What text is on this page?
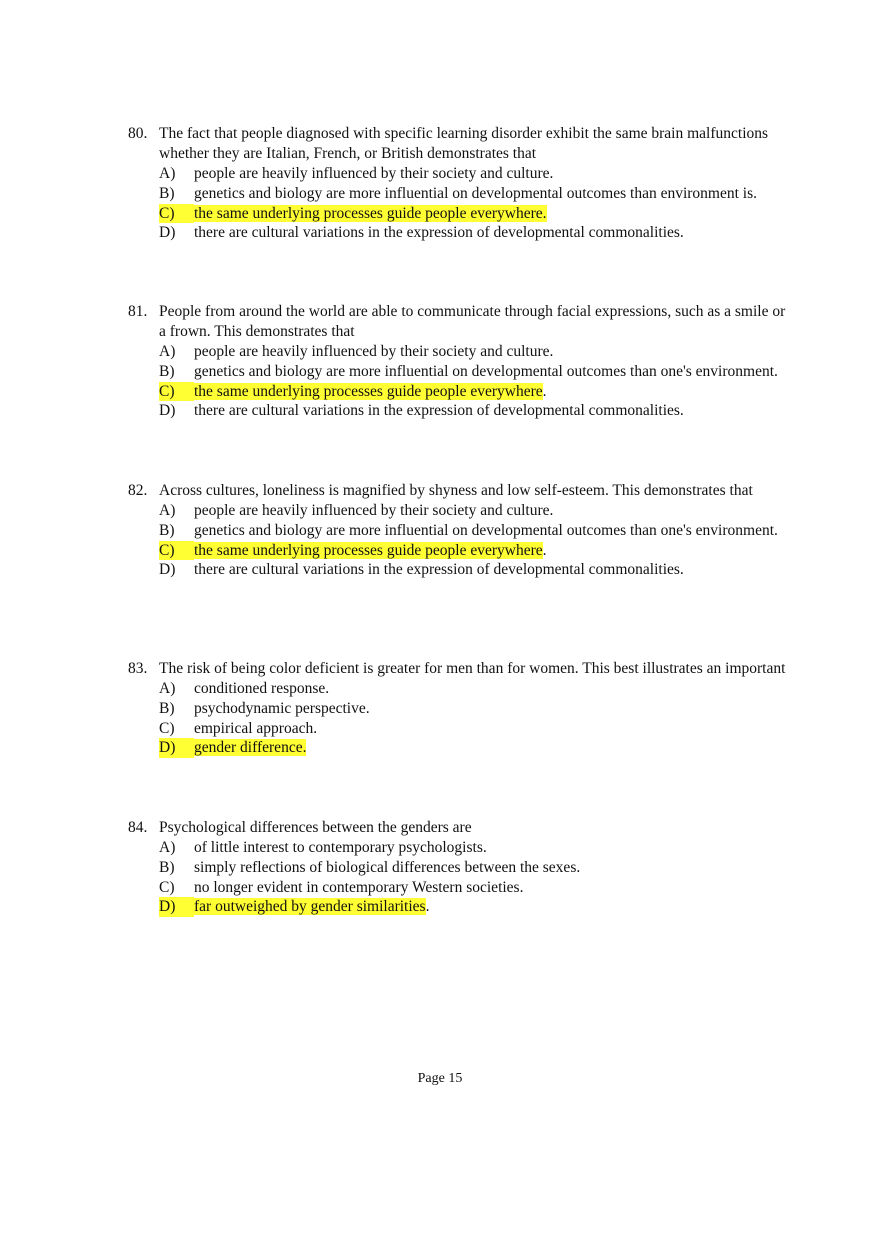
80. The fact that people diagnosed with specific learning disorder exhibit the same brain malfunctions whether they are Italian, French, or British demonstrates that
A)	people are heavily influenced by their society and culture.
B)	genetics and biology are more influential on developmental outcomes than environment is.
C)	the same underlying processes guide people everywhere.
D)	there are cultural variations in the expression of developmental commonalities.
81. People from around the world are able to communicate through facial expressions, such as a smile or a frown. This demonstrates that
A)	people are heavily influenced by their society and culture.
B)	genetics and biology are more influential on developmental outcomes than one's environment.
C)	the same underlying processes guide people everywhere.
D)	there are cultural variations in the expression of developmental commonalities.
82. Across cultures, loneliness is magnified by shyness and low self-esteem. This demonstrates that
A)	people are heavily influenced by their society and culture.
B)	genetics and biology are more influential on developmental outcomes than one's environment.
C)	the same underlying processes guide people everywhere.
D)	there are cultural variations in the expression of developmental commonalities.
83. The risk of being color deficient is greater for men than for women. This best illustrates an important
A)	conditioned response.
B)	psychodynamic perspective.
C)	empirical approach.
D)	gender difference.
84. Psychological differences between the genders are
A)	of little interest to contemporary psychologists.
B)	simply reflections of biological differences between the sexes.
C)	no longer evident in contemporary Western societies.
D)	far outweighed by gender similarities.
Page 15
